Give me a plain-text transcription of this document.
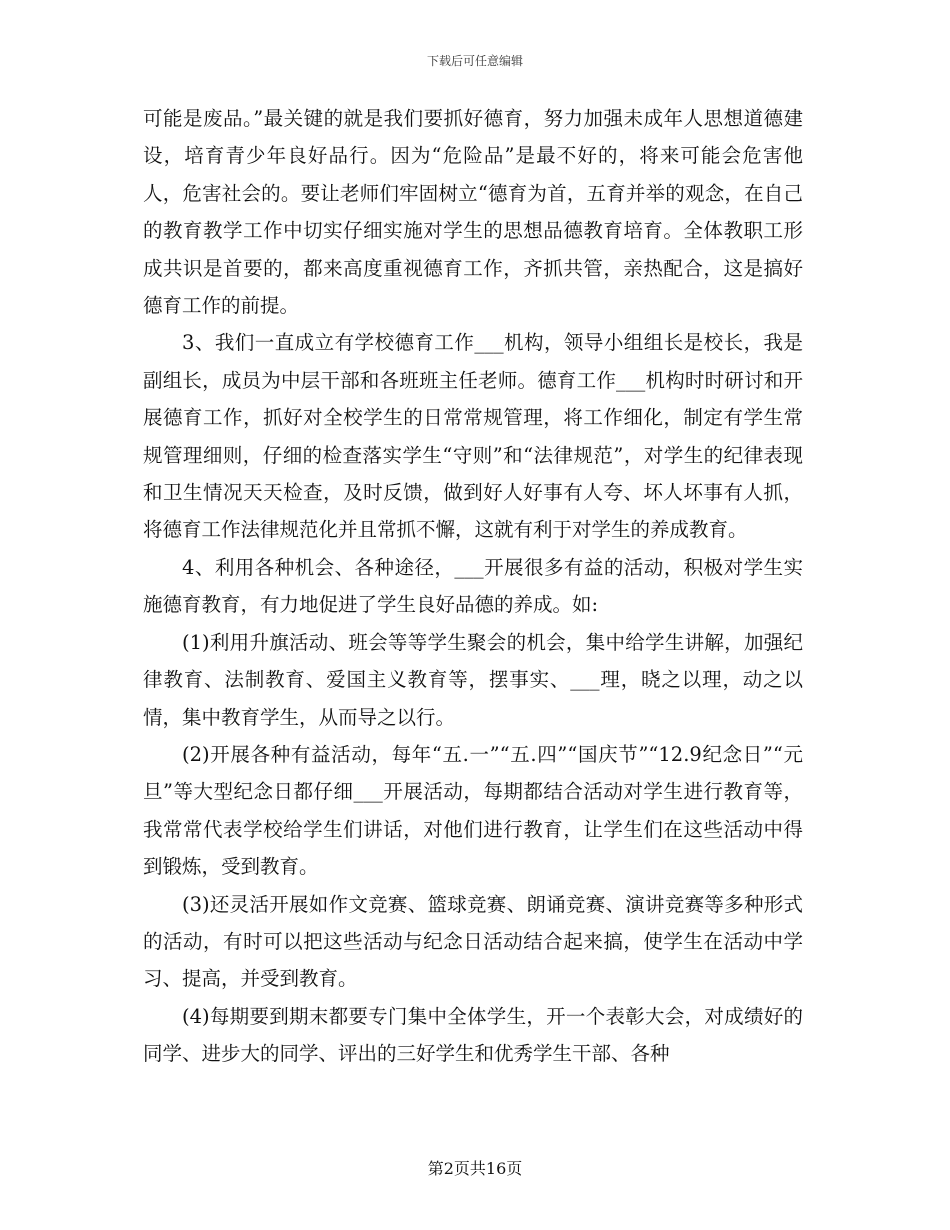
下载后可任意编辑

可能是废品。”最关键的就是我们要抓好德育，努力加强未成年人思想道德建设，培育青少年良好品行。因为“危险品”是最不好的，将来可能会危害他人，危害社会的。要让老师们牢固树立“德育为首，五育并举的观念，在自己的教育教学工作中切实仔细实施对学生的思想品德教育培育。全体教职工形成共识是首要的，都来高度重视德育工作，齐抓共管，亲热配合，这是搞好德育工作的前提。

3、我们一直成立有学校德育工作___机构，领导小组组长是校长，我是副组长，成员为中层干部和各班班主任老师。德育工作___机构时时研讨和开展德育工作，抓好对全校学生的日常常规管理，将工作细化，制定有学生常规管理细则，仔细的检查落实学生“守则”和“法律规范”，对学生的纪律表现和卫生情况天天检查，及时反馈，做到好人好事有人夸、坏人坏事有人抓，将德育工作法律规范化并且常抓不懈，这就有利于对学生的养成教育。

4、利用各种机会、各种途径，___开展很多有益的活动，积极对学生实施德育教育，有力地促进了学生良好品德的养成。如:

(1)利用升旗活动、班会等等学生聚会的机会，集中给学生讲解，加强纪律教育、法制教育、爱国主义教育等，摆事实、___理，晓之以理，动之以情，集中教育学生，从而导之以行。

(2)开展各种有益活动，每年“五.一”“五.四”“国庆节”“12.9纪念日”“元旦”等大型纪念日都仔细___开展活动，每期都结合活动对学生进行教育等，我常常代表学校给学生们讲话，对他们进行教育，让学生们在这些活动中得到锻炼，受到教育。

(3)还灵活开展如作文竞赛、篮球竞赛、朗诵竞赛、演讲竞赛等多种形式的活动，有时可以把这些活动与纪念日活动结合起来搞，使学生在活动中学习、提高，并受到教育。

(4)每期要到期末都要专门集中全体学生，开一个表彰大会，对成绩好的同学、进步大的同学、评出的三好学生和优秀学生干部、各种

第2页共16页
